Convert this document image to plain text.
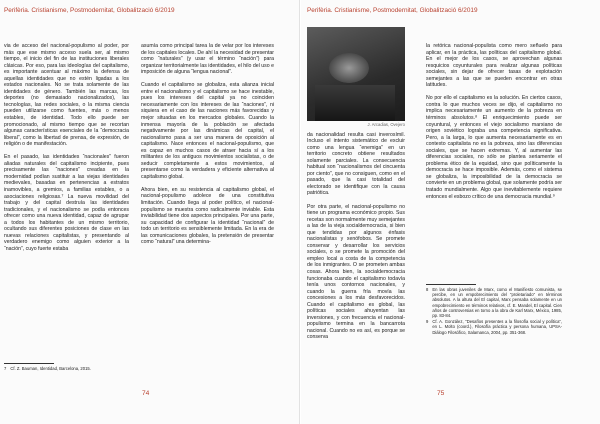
Perifèria. Cristianisme, Postmodernitat, Globalització 6/2019

via de acceso del nacional-populismo al poder, por más que ese mismo acceso suela ser, al mismo tiempo, el inicio del fin de las instituciones liberales clásicas. Por eso, para las ideologías del capitalismo, es importante acentuar al máximo la defensa de aquellas identidades que no estén ligadas a los estados nacionales. No se trata solamente de las identidades de género. También las marcas, los deportes (no demasiado nacionalizados), las tecnologías, las redes sociales, o la misma ciencia pueden utilizarse como fuentes, más o menos estables, de identidad. Todo ello puede ser promocionado, al mismo tiempo que se recortan algunas características esenciales de la “democracia liberal”, como la libertad de prensa, de expresión, de religión o de manifestación.

En el pasado, las identidades “nacionales” fueron aliadas naturales del capitalismo incipiente, pues precisamente las “naciones” creadas en la modernidad podían sustituir a las viejas identidades medievales, basadas en pertenencias a estratos inamovibles, a gremios, a familias estables, o a asociaciones religiosas.⁷ La nueva movilidad del trabajo y del capital destruía las identidades tradicionales, y el nacionalismo se podía entonces ofrecer como una nueva identidad, capaz de agrupar a todos los habitantes de un mismo territorio, ocultando sus diferentes posiciones de clase en las nuevas relaciones capitalistas, y presentando al verdadero enemigo como alguien exterior a la “nación”, cuyo fuerte estaba

asumía como principal tarea la de velar por los intereses de los capitales locales. De ahí la necesidad de presentar como “naturales” (y usar el término “nación”) para organizar territorialmente las identidades, el hilo del uso e imposición de alguna “lengua nacional”.

Cuando el capitalismo se globaliza, esta alianza inicial entre el nacionalismo y el capitalismo se hace inestable, pues los intereses del capital ya no coinciden necesariamente con los intereses de las “naciones”, ni siquiera en el caso de las naciones más favorecidas y mejor situadas en los mercados globales. Cuando la inmensa mayoría de la población se afectada negativamente por las dinámicas del capital, el nacionalismo pasa a ser una manera de oposición al capitalismo. Nace entonces el nacional-populismo, que es capaz en muchos casos de atraer hacia sí a los militantes de los antiguos movimientos socialistas, o de seducir completamente a estos movimientos, al presentarse como la verdadera y eficiente alternativa al capitalismo global.

Ahora bien, en su resistencia al capitalismo global, el nacional-populismo adolece de una constitutiva limitación. Cuando llega al poder político, el nacional-populismo se muestra como radicalmente inviable. Esta inviabilidad tiene dos aspectos principales. Por una parte, su capacidad de configurar la identidad “nacional” de todo un territorio es sensiblemente limitada. En la era de las comunicaciones globales, la pretensión de presentar como “natural” una determina-

7 Cf. Z. Bauman, Identidad, Barcelona, 2015.
74
Perifèria. Cristianisme, Postmodernitat, Globalització 6/2019
J. Arcadias, Ovejero

da nacionalidad resulta casi inverosímil. Incluso el intento sistemático de excluir como una lengua “enemiga” en un territorio concreto obtiene resultados solamente parciales. La consecuencia habitual son “nacionalismos del cincuenta por ciento”, que no consiguen, como en el pasado, que la casi totalidad del electorado se identifique con la causa patriótica.

Por otra parte, el nacional-populismo no tiene un programa económico propio. Sus recetas son normalmente muy semejantes a las de la vieja socialdemocracia, si bien que tendidas por algunos énfasis nacionalistas y xenófobos. Se promete conservar y desarrollar los servicios sociales, o se promete la promoción del empleo local a costa de la competencia de los inmigrantes. O se prometen ambas cosas. Ahora bien, la socialdemocracia funcionaba cuando el capitalismo todavía tenía unos contornos nacionales, y cuando la guerra fría movía las concesiones a los más desfavorecidos. Cuando el capitalismo es global, las políticas sociales ahuyentan las inversiones, y con frecuencia el nacional-populismo termina en la bancarrota nacional. Cuando no es así, es porque se conserva

la retórica nacional-populista como mero señuelo para aplicar, en la práctica, las políticas del capitalismo global. En el mejor de los casos, se aprovechan algunas resquicios coyunturales para realizar algunas políticas sociales, sin dejar de ofrecer tasas de explotación semejantes a las que se pueden encontrar en otras latitudes.

No por ello el capitalismo es la solución. En ciertos casos, contra lo que muchos veces se dijo, el capitalismo no implica necesariamente un aumento de la pobreza en términos absolutos.⁸ El enriquecimiento puede ser coyuntural, y entonces el viejo socialismo marxiano de origen soviético lograba una competencia significativa. Pero, a la larga, lo que aumenta necesariamente es en contexto capitalista no es la pobreza, sino las diferencias sociales, que se hacen extremas. Y, al aumentar las diferencias sociales, no sólo se plantea seriamente el problema ético de la equidad, sino que políticamente la democracia se hace imposible. Además, como el sistema se globaliza, la imposibilidad de la democracia se convierte en un problema global, que solamente podría ser tratado mundialmente. Algo que inevitablemente requiere entonces el esbozo crítico de una democracia mundial.⁹

8 En las obras juveniles de Marx, como el Manifiesto comunista, se percibe, en un empobrecimiento del “proletariado” en términos absolutos. A la altura del El capital, Marx pensaba solamente en un empobrecimiento en términos relativos, cf. E. Mandel, El capital. Cien años de controversias en torno a la obra de Karl Marx, México, 1985, pp. 83-84.
9 Cf. A. González, “Desafíos presentes a la filosofía social y política”, en L. Molto (coord.), Filosofía práctica y persona humana, UPSA-Diálogo Filosófico, Salamanca, 2004, pp. 351-368.
75
